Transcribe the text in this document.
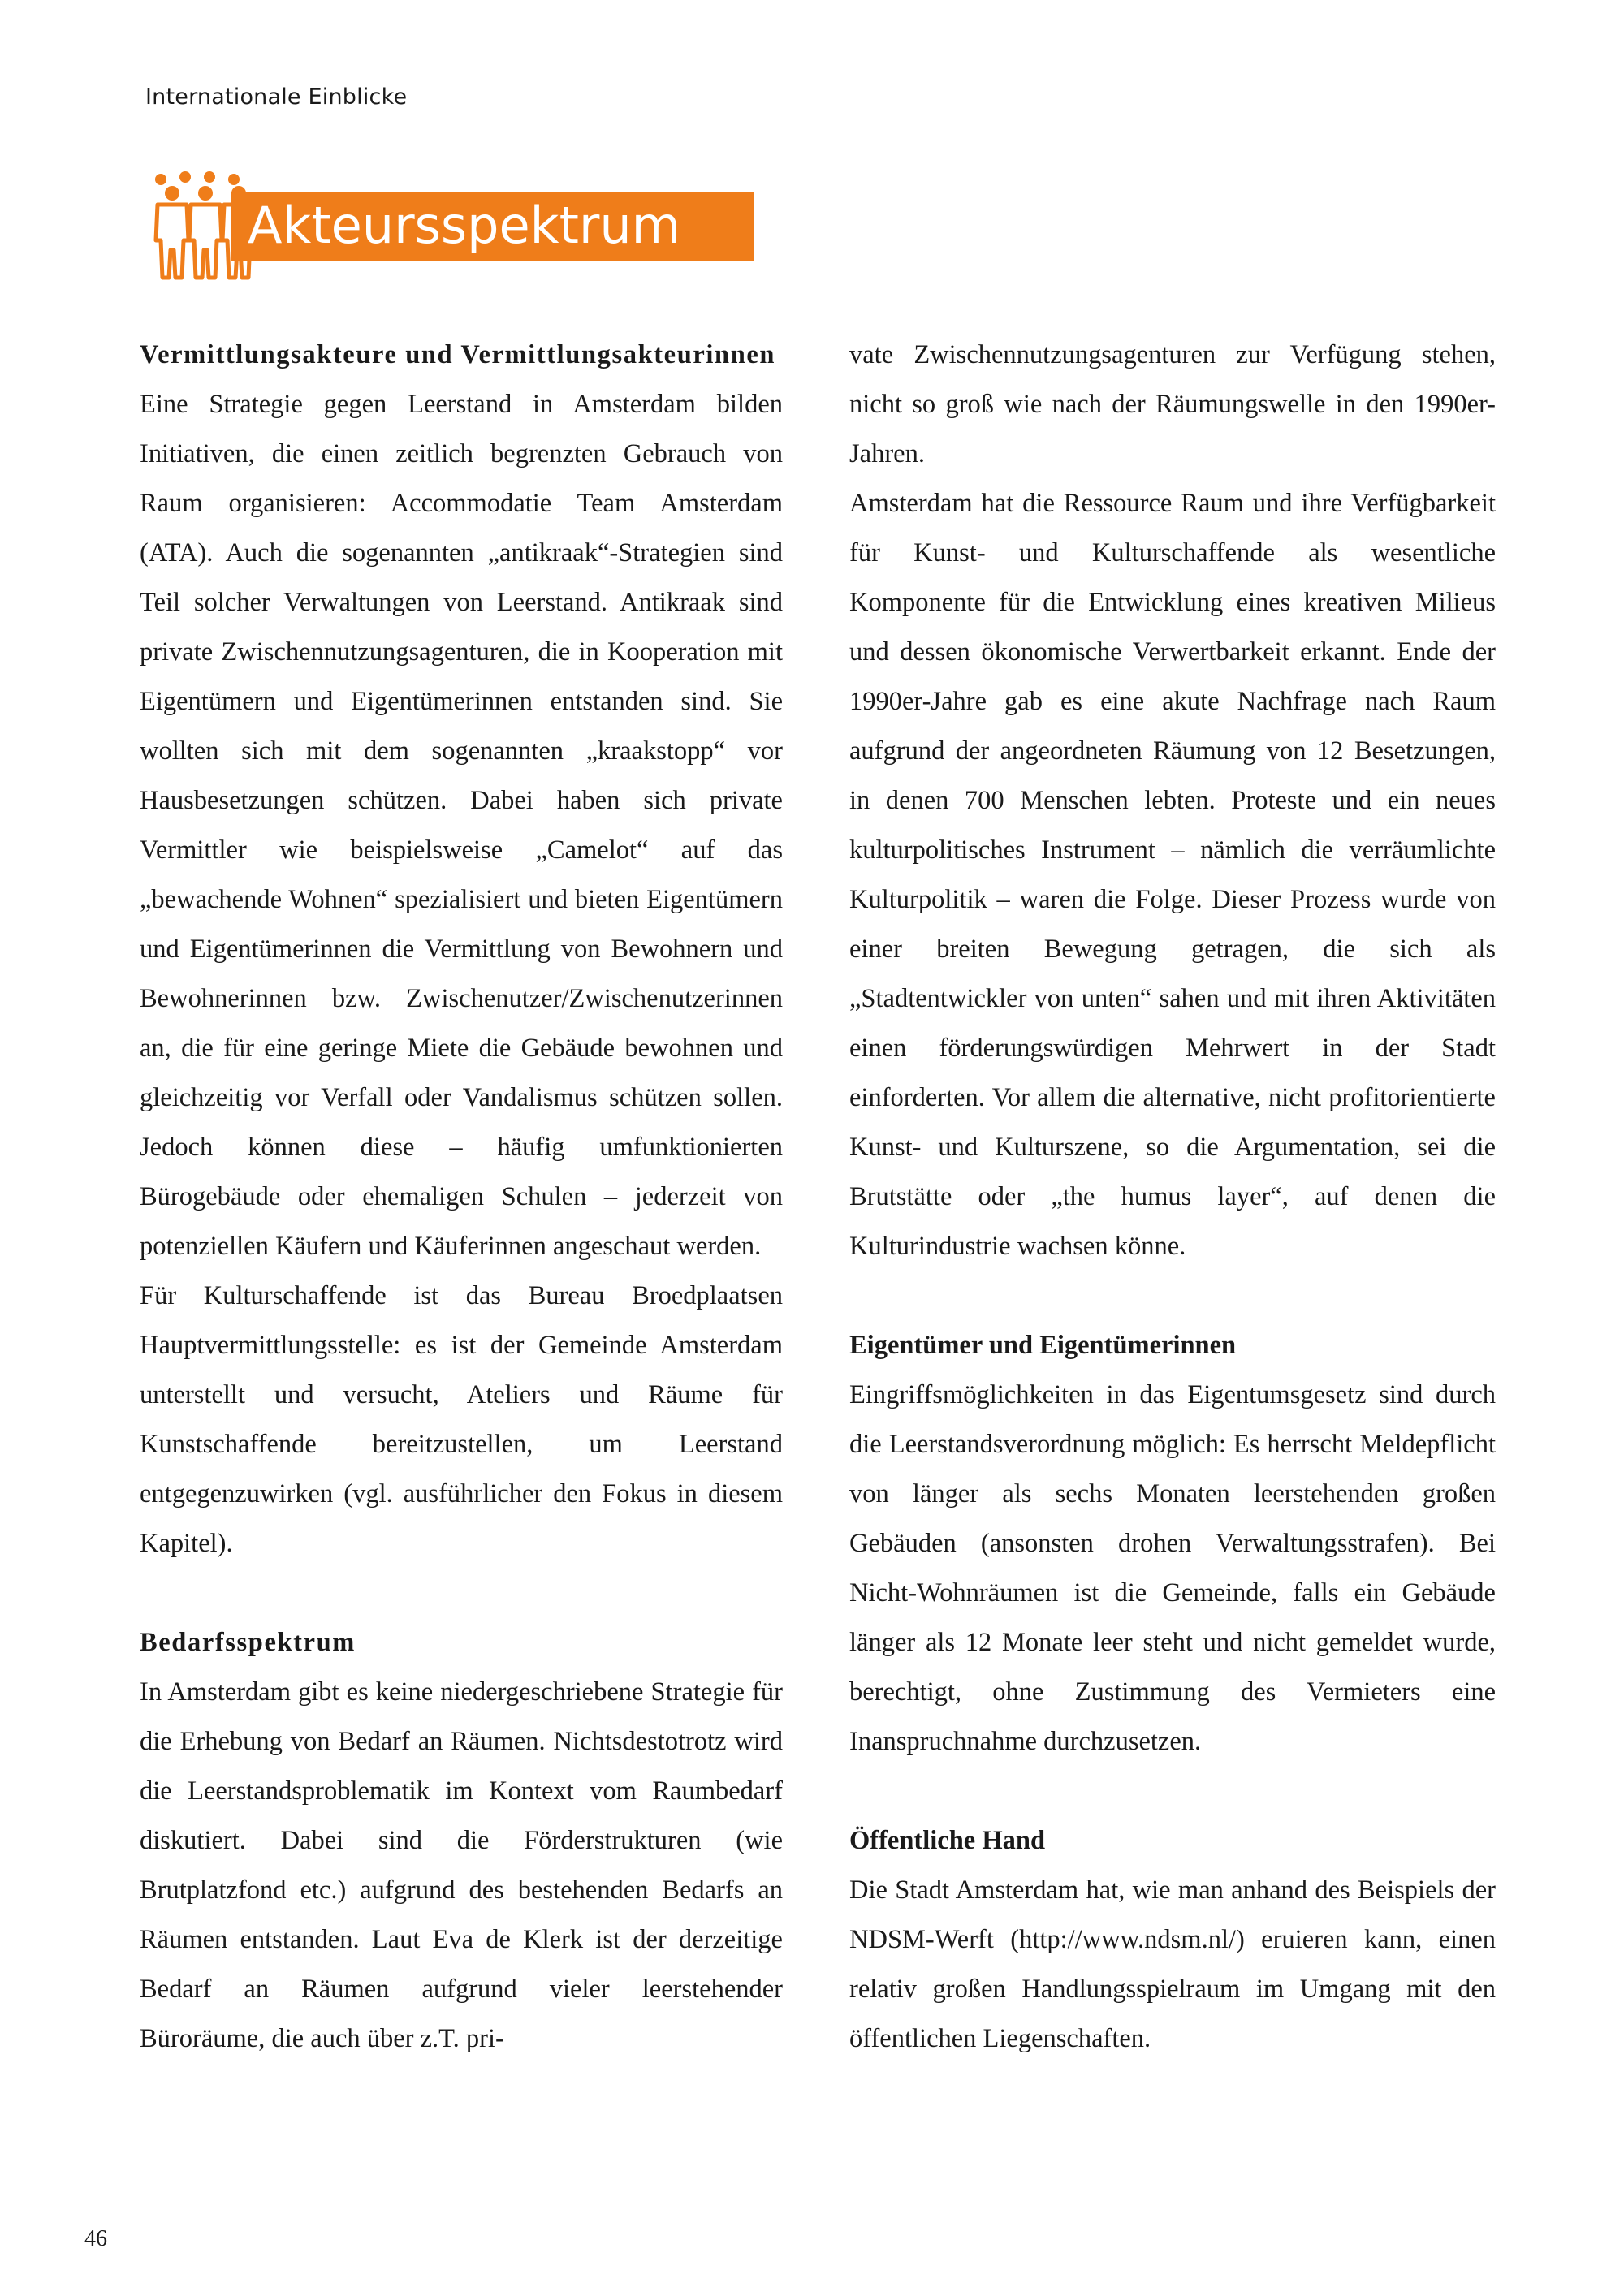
Internationale Einblicke
Akteursspektrum
Vermittlungsakteure und Vermittlungsakteurinnen

Eine Strategie gegen Leerstand in Amsterdam bilden Initiativen, die einen zeitlich begrenzten Gebrauch von Raum organisieren: Accommodatie Team Amsterdam (ATA). Auch die sogenannten „antikraak“-Strategien sind Teil solcher Verwaltungen von Leerstand. Antikraak sind private Zwischennutzungsagenturen, die in Kooperation mit Eigentümern und Eigentümerinnen entstanden sind. Sie wollten sich mit dem sogenannten „kraakstopp“ vor Hausbesetzungen schützen. Dabei haben sich private Vermittler wie beispielsweise „Camelot“ auf das „bewachende Wohnen“ spezialisiert und bieten Eigentümern und Eigentümerinnen die Vermittlung von Bewohnern und Bewohnerinnen bzw. Zwischenutzer/Zwischenutzerinnen an, die für eine geringe Miete die Gebäude bewohnen und gleichzeitig vor Verfall oder Vandalismus schützen sollen. Jedoch können diese – häufig umfunktionierten Bürogebäude oder ehemaligen Schulen – jederzeit von potenziellen Käufern und Käuferinnen angeschaut werden.

Für Kulturschaffende ist das Bureau Broedplaatsen Hauptvermittlungsstelle: es ist der Gemeinde Amsterdam unterstellt und versucht, Ateliers und Räume für Kunstschaffende bereitzustellen, um Leerstand entgegenzuwirken (vgl. ausführlicher den Fokus in diesem Kapitel).

Bedarfsspektrum

In Amsterdam gibt es keine niedergeschriebene Strategie für die Erhebung von Bedarf an Räumen. Nichtsdestotrotz wird die Leerstandsproblematik im Kontext vom Raumbedarf diskutiert. Dabei sind die Förderstrukturen (wie Brutplatzfond etc.) aufgrund des bestehenden Bedarfs an Räumen entstanden. Laut Eva de Klerk ist der derzeitige Bedarf an Räumen aufgrund vieler leerstehender Büroräume, die auch über z.T. pri-

vate Zwischennutzungsagenturen zur Verfügung stehen, nicht so groß wie nach der Räumungswelle in den 1990er-Jahren.

Amsterdam hat die Ressource Raum und ihre Verfügbarkeit für Kunst- und Kulturschaffende als wesentliche Komponente für die Entwicklung eines kreativen Milieus und dessen ökonomische Verwertbarkeit erkannt. Ende der 1990er-Jahre gab es eine akute Nachfrage nach Raum aufgrund der angeordneten Räumung von 12 Besetzungen, in denen 700 Menschen lebten. Proteste und ein neues kulturpolitisches Instrument – nämlich die verräumlichte Kulturpolitik – waren die Folge. Dieser Prozess wurde von einer breiten Bewegung getragen, die sich als „Stadtentwickler von unten“ sahen und mit ihren Aktivitäten einen förderungswürdigen Mehrwert in der Stadt einforderten. Vor allem die alternative, nicht profitorientierte Kunst- und Kulturszene, so die Argumentation, sei die Brutstätte oder „the humus layer“, auf denen die Kulturindustrie wachsen könne.

Eigentümer und Eigentümerinnen

Eingriffsmöglichkeiten in das Eigentumsgesetz sind durch die Leerstandsverordnung möglich: Es herrscht Meldepflicht von länger als sechs Monaten leerstehenden großen Gebäuden (ansonsten drohen Verwaltungsstrafen). Bei Nicht-Wohnräumen ist die Gemeinde, falls ein Gebäude länger als 12 Monate leer steht und nicht gemeldet wurde, berechtigt, ohne Zustimmung des Vermieters eine Inanspruchnahme durchzusetzen.

Öffentliche Hand

Die Stadt Amsterdam hat, wie man anhand des Beispiels der NDSM-Werft (http://www.ndsm.nl/) eruieren kann, einen relativ großen Handlungsspielraum im Umgang mit den öffentlichen Liegenschaften.

46
